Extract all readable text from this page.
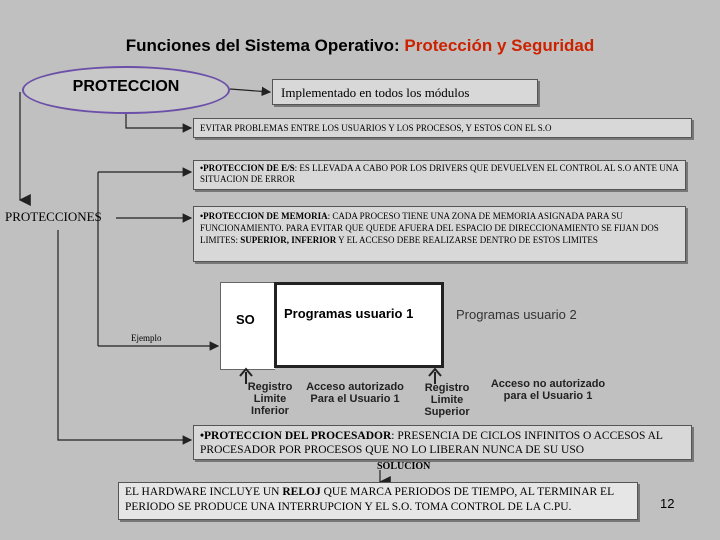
Funciones del Sistema Operativo: Protección y Seguridad
PROTECCION	Implementado en todos los módulos
EVITAR PROBLEMAS ENTRE LOS USUARIOS Y LOS PROCESOS, Y ESTOS CON EL S.O
PROTECCIONES
•PROTECCION DE E/S: ES LLEVADA A CABO POR LOS DRIVERS QUE DEVUELVEN EL CONTROL AL S.O ANTE UNA SITUACION DE ERROR
•PROTECCION DE MEMORIA: CADA PROCESO TIENE UNA ZONA DE MEMORIA ASIGNADA PARA SU FUNCIONAMIENTO. PARA EVITAR QUE QUEDE AFUERA DEL ESPACIO DE DIRECCIONAMIENTO SE FIJAN DOS LIMITES: SUPERIOR, INFERIOR Y EL ACCESO DEBE REALIZARSE DENTRO DE ESTOS LIMITES
Ejemplo
SO Programas usuario 1	Programas usuario 2
Registro
Limite
Inferior
Acceso autorizado
Para el Usuario 1
Registro
Limite
Superior
Acceso no autorizado
para el Usuario 1
•PROTECCION DEL PROCESADOR: PRESENCIA DE CICLOS INFINITOS O ACCESOS AL PROCESADOR POR PROCESOS QUE NO LO LIBERAN NUNCA DE SU USO
SOLUCION
EL HARDWARE INCLUYE UN RELOJ QUE MARCA PERIODOS DE TIEMPO, AL TERMINAR EL PERIODO SE PRODUCE UNA INTERRUPCION Y EL S.O. TOMA CONTROL DE LA C.PU.	12
